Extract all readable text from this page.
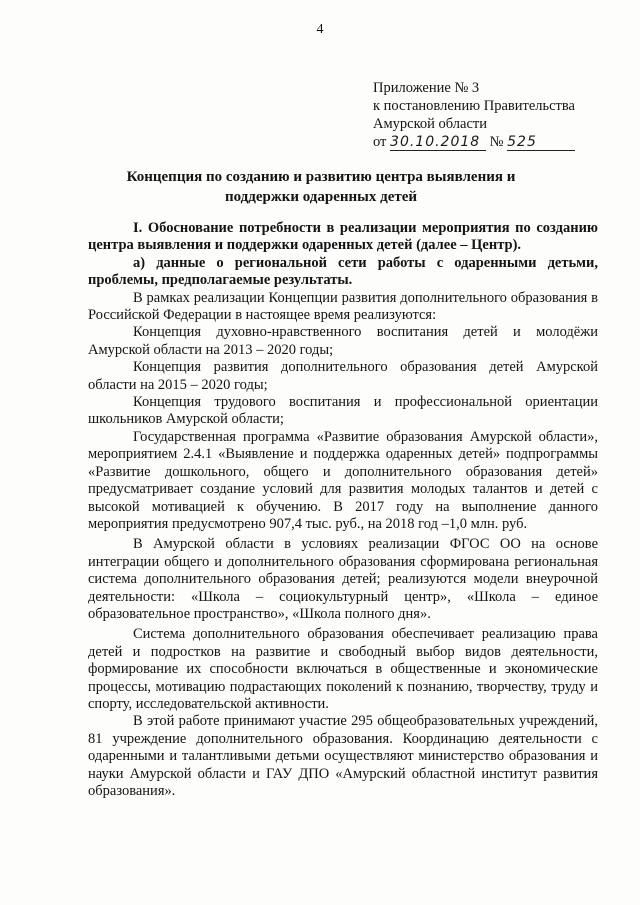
4
Приложение № 3
к постановлению Правительства
Амурской области
от 30.10.2018 № 525
Концепция по созданию и развитию центра выявления и поддержки одаренных детей

I. Обоснование потребности в реализации мероприятия по созданию центра выявления и поддержки одаренных детей (далее – Центр).

а) данные о региональной сети работы с одаренными детьми, проблемы, предполагаемые результаты.

В рамках реализации Концепции развития дополнительного образования в Российской Федерации в настоящее время реализуются:

Концепция духовно-нравственного воспитания детей и молодёжи Амурской области на 2013 – 2020 годы;

Концепция развития дополнительного образования детей Амурской области на 2015 – 2020 годы;

Концепция трудового воспитания и профессиональной ориентации школьников Амурской области;

Государственная программа «Развитие образования Амурской области», мероприятием 2.4.1 «Выявление и поддержка одаренных детей» подпрограммы «Развитие дошкольного, общего и дополнительного образования детей» предусматривает создание условий для развития молодых талантов и детей с высокой мотивацией к обучению. В 2017 году на выполнение данного мероприятия предусмотрено 907,4 тыс. руб., на 2018 год –1,0 млн. руб.

В Амурской области в условиях реализации ФГОС ОО на основе интеграции общего и дополнительного образования сформирована региональная система дополнительного образования детей; реализуются модели внеурочной деятельности: «Школа – социокультурный центр», «Школа – единое образовательное пространство», «Школа полного дня».

Система дополнительного образования обеспечивает реализацию права детей и подростков на развитие и свободный выбор видов деятельности, формирование их способности включаться в общественные и экономические процессы, мотивацию подрастающих поколений к познанию, творчеству, труду и спорту, исследовательской активности.

В этой работе принимают участие 295 общеобразовательных учреждений, 81 учреждение дополнительного образования. Координацию деятельности с одаренными и талантливыми детьми осуществляют министерство образования и науки Амурской области и ГАУ ДПО «Амурский областной институт развития образования».
